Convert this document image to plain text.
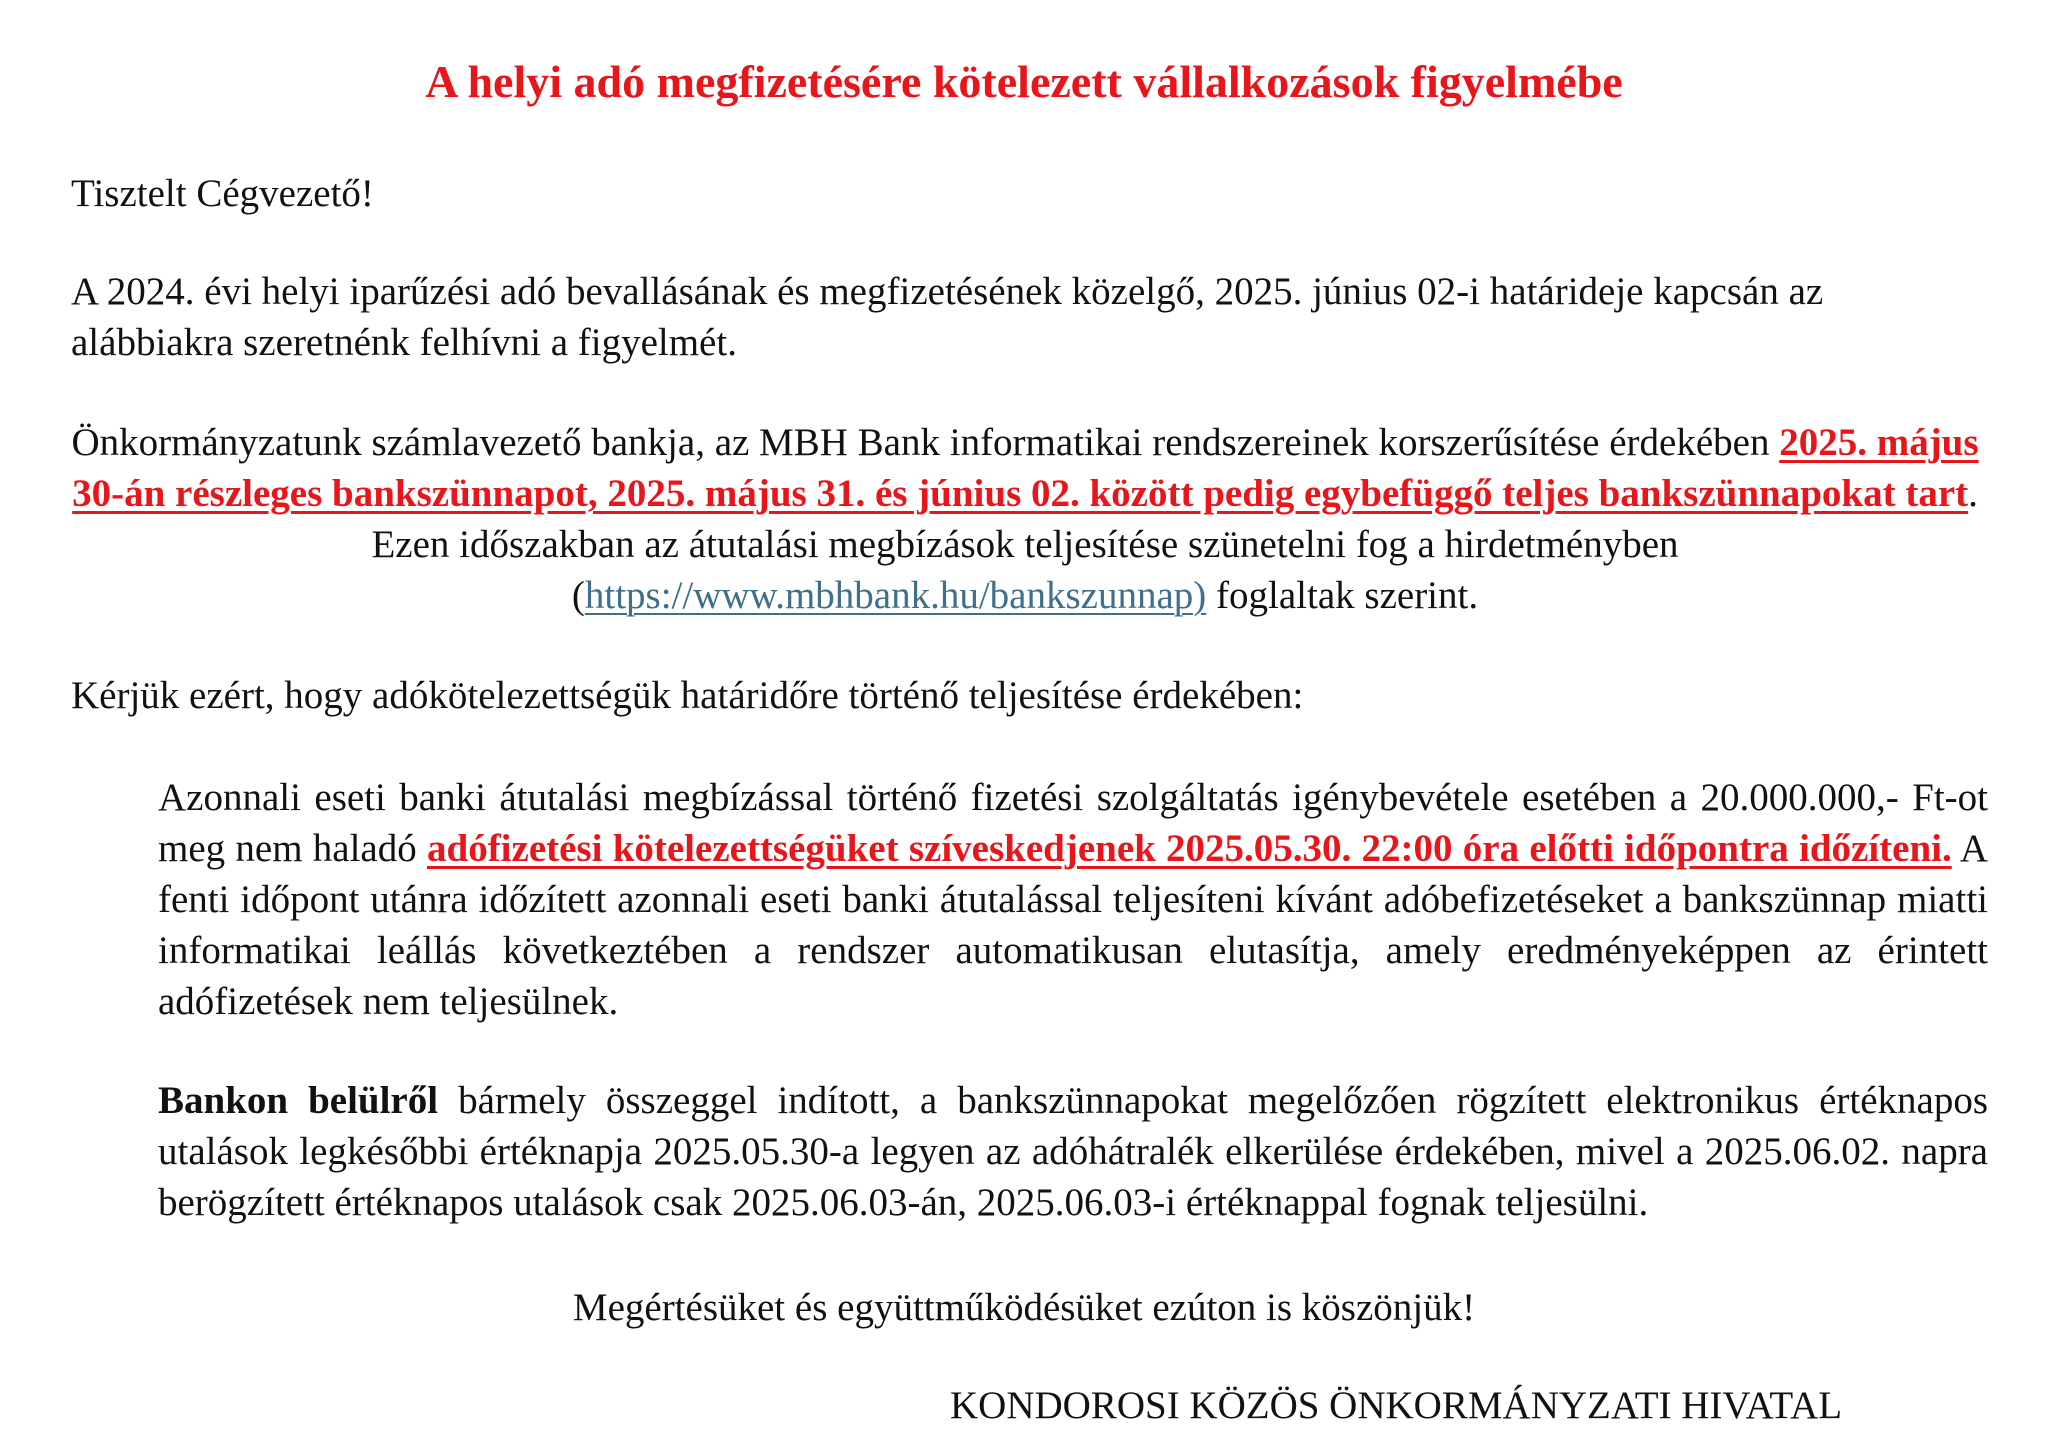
A helyi adó megfizetésére kötelezett vállalkozások figyelmébe

Tisztelt Cégvezető!

A 2024. évi helyi iparűzési adó bevallásának és megfizetésének közelgő, 2025. június 02-i határideje kapcsán az alábbiakra szeretnénk felhívni a figyelmét.

Önkormányzatunk számlavezető bankja, az MBH Bank informatikai rendszereinek korszerűsítése érdekében 2025. május 30-án részleges bankszünnapot, 2025. május 31. és június 02. között pedig egybefüggő teljes bankszünnapokat tart. Ezen időszakban az átutalási megbízások teljesítése szünetelni fog a hirdetményben (https://www.mbhbank.hu/bankszunnap) foglaltak szerint.

Kérjük ezért, hogy adókötelezettségük határidőre történő teljesítése érdekében:

Azonnali eseti banki átutalási megbízással történő fizetési szolgáltatás igénybevétele esetében a 20.000.000,- Ft-ot meg nem haladó adófizetési kötelezettségüket szíveskedjenek 2025.05.30. 22:00 óra előtti időpontra időzíteni. A fenti időpont utánra időzített azonnali eseti banki átutalással teljesíteni kívánt adóbefizetéseket a bankszünnap miatti informatikai leállás következtében a rendszer automatikusan elutasítja, amely eredményeképpen az érintett adófizetések nem teljesülnek.

Bankon belülről bármely összeggel indított, a bankszünnapokat megelőzően rögzített elektronikus értéknapos utalások legkésőbbi értéknapja 2025.05.30-a legyen az adóhátralék elkerülése érdekében, mivel a 2025.06.02. napra berögzített értéknapos utalások csak 2025.06.03-án, 2025.06.03-i értéknappal fognak teljesülni.

Megértésüket és együttműködésüket ezúton is köszönjük!

KONDOROSI KÖZÖS ÖNKORMÁNYZATI HIVATAL
